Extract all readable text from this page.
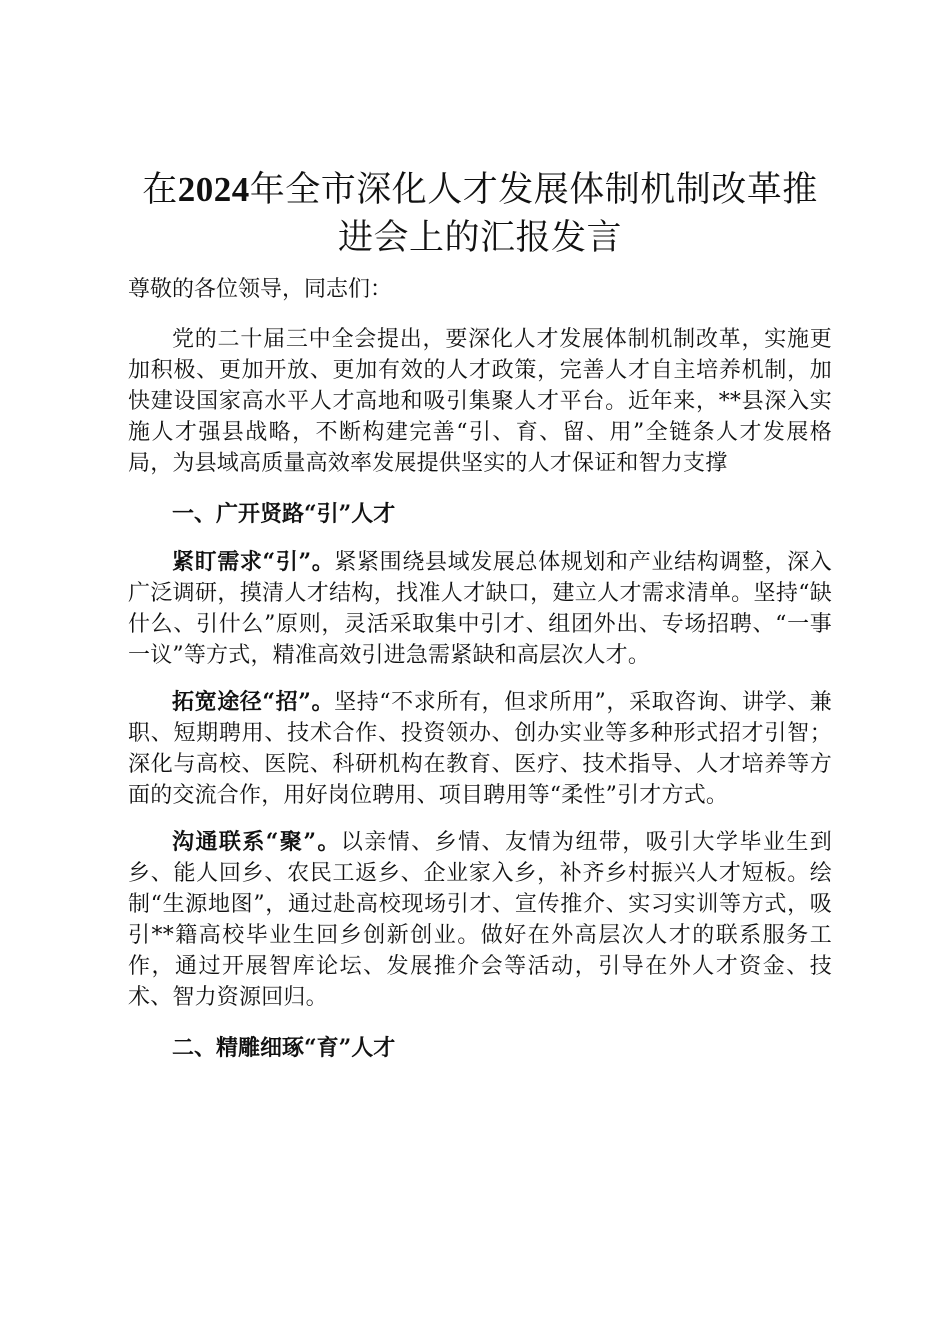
在2024年全市深化人才发展体制机制改革推进会上的汇报发言

尊敬的各位领导，同志们：

党的二十届三中全会提出，要深化人才发展体制机制改革，实施更加积极、更加开放、更加有效的人才政策，完善人才自主培养机制，加快建设国家高水平人才高地和吸引集聚人才平台。近年来，**县深入实施人才强县战略，不断构建完善“引、育、留、用”全链条人才发展格局，为县域高质量高效率发展提供坚实的人才保证和智力支撑

一、广开贤路“引”人才

紧盯需求“引”。紧紧围绕县域发展总体规划和产业结构调整，深入广泛调研，摸清人才结构，找准人才缺口，建立人才需求清单。坚持“缺什么、引什么”原则，灵活采取集中引才、组团外出、专场招聘、“一事一议”等方式，精准高效引进急需紧缺和高层次人才。

拓宽途径“招”。坚持“不求所有，但求所用”，采取咨询、讲学、兼职、短期聘用、技术合作、投资领办、创办实业等多种形式招才引智；深化与高校、医院、科研机构在教育、医疗、技术指导、人才培养等方面的交流合作，用好岗位聘用、项目聘用等“柔性”引才方式。

沟通联系“聚”。以亲情、乡情、友情为纽带，吸引大学毕业生到乡、能人回乡、农民工返乡、企业家入乡，补齐乡村振兴人才短板。绘制“生源地图”，通过赴高校现场引才、宣传推介、实习实训等方式，吸引**籍高校毕业生回乡创新创业。做好在外高层次人才的联系服务工作，通过开展智库论坛、发展推介会等活动，引导在外人才资金、技术、智力资源回归。

二、精雕细琢“育”人才
